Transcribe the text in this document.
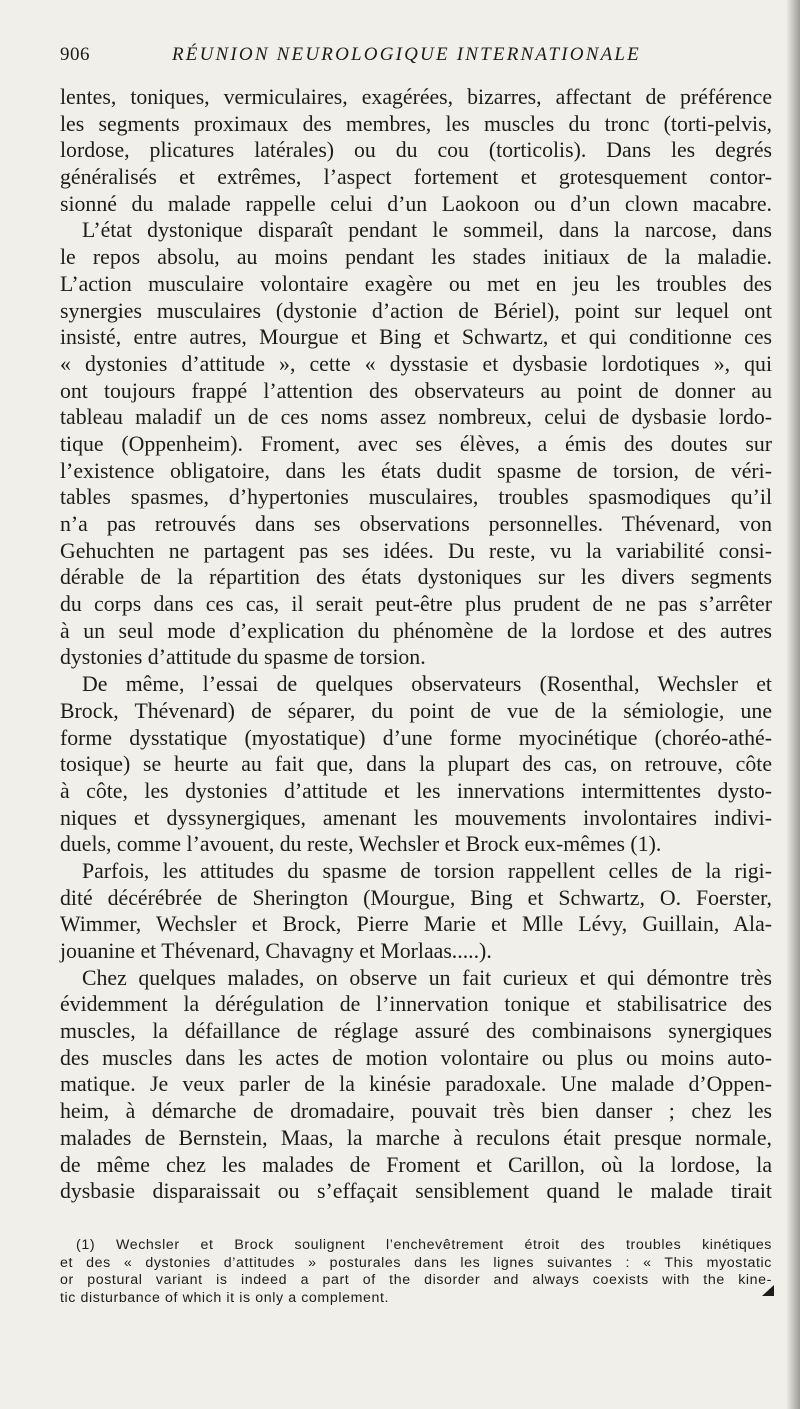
906	RÉUNION NEUROLOGIQUE INTERNATIONALE
lentes, toniques, vermiculaires, exagérées, bizarres, affectant de préférence
les segments proximaux des membres, les muscles du tronc (torti-pelvis,
lordose, plicatures latérales) ou du cou (torticolis). Dans les degrés
généralisés et extrêmes, l’aspect fortement et grotesquement contor-
sionné du malade rappelle celui d’un Laokoon ou d’un clown macabre.
L’état dystonique disparaît pendant le sommeil, dans la narcose, dans
le repos absolu, au moins pendant les stades initiaux de la maladie.
L’action musculaire volontaire exagère ou met en jeu les troubles des
synergies musculaires (dystonie d’action de Bériel), point sur lequel ont
insisté, entre autres, Mourgue et Bing et Schwartz, et qui conditionne ces
« dystonies d’attitude », cette « dysstasie et dysbasie lordotiques », qui
ont toujours frappé l’attention des observateurs au point de donner au
tableau maladif un de ces noms assez nombreux, celui de dysbasie lordo-
tique (Oppenheim). Froment, avec ses élèves, a émis des doutes sur
l’existence obligatoire, dans les états dudit spasme de torsion, de véri-
tables spasmes, d’hypertonies musculaires, troubles spasmodiques qu’il
n’a pas retrouvés dans ses observations personnelles. Thévenard, von
Gehuchten ne partagent pas ses idées. Du reste, vu la variabilité consi-
dérable de la répartition des états dystoniques sur les divers segments
du corps dans ces cas, il serait peut-être plus prudent de ne pas s’arrêter
à un seul mode d’explication du phénomène de la lordose et des autres
dystonies d’attitude du spasme de torsion.
De même, l’essai de quelques observateurs (Rosenthal, Wechsler et
Brock, Thévenard) de séparer, du point de vue de la sémiologie, une
forme dysstatique (myostatique) d’une forme myocinétique (choréo-athé-
tosique) se heurte au fait que, dans la plupart des cas, on retrouve, côte
à côte, les dystonies d’attitude et les innervations intermittentes dysto-
niques et dyssynergiques, amenant les mouvements involontaires indivi-
duels, comme l’avouent, du reste, Wechsler et Brock eux-mêmes (1).
Parfois, les attitudes du spasme de torsion rappellent celles de la rigi-
dité décérébrée de Sherington (Mourgue, Bing et Schwartz, O. Foerster,
Wimmer, Wechsler et Brock, Pierre Marie et Mlle Lévy, Guillain, Ala-
jouanine et Thévenard, Chavagny et Morlaas.....).
Chez quelques malades, on observe un fait curieux et qui démontre très
évidemment la dérégulation de l’innervation tonique et stabilisatrice des
muscles, la défaillance de réglage assuré des combinaisons synergiques
des muscles dans les actes de motion volontaire ou plus ou moins auto-
matique. Je veux parler de la kinésie paradoxale. Une malade d’Oppen-
heim, à démarche de dromadaire, pouvait très bien danser ; chez les
malades de Bernstein, Maas, la marche à reculons était presque normale,
de même chez les malades de Froment et Carillon, où la lordose, la
dysbasie disparaissait ou s’effaçait sensiblement quand le malade tirait
(1) Wechsler et Brock soulignent l’enchevêtrement étroit des troubles kinétiques
et des « dystonies d’attitudes » posturales dans les lignes suivantes : « This myostatic
or postural variant is indeed a part of the disorder and always coexists with the kine-
tic disturbance of which it is only a complement.
